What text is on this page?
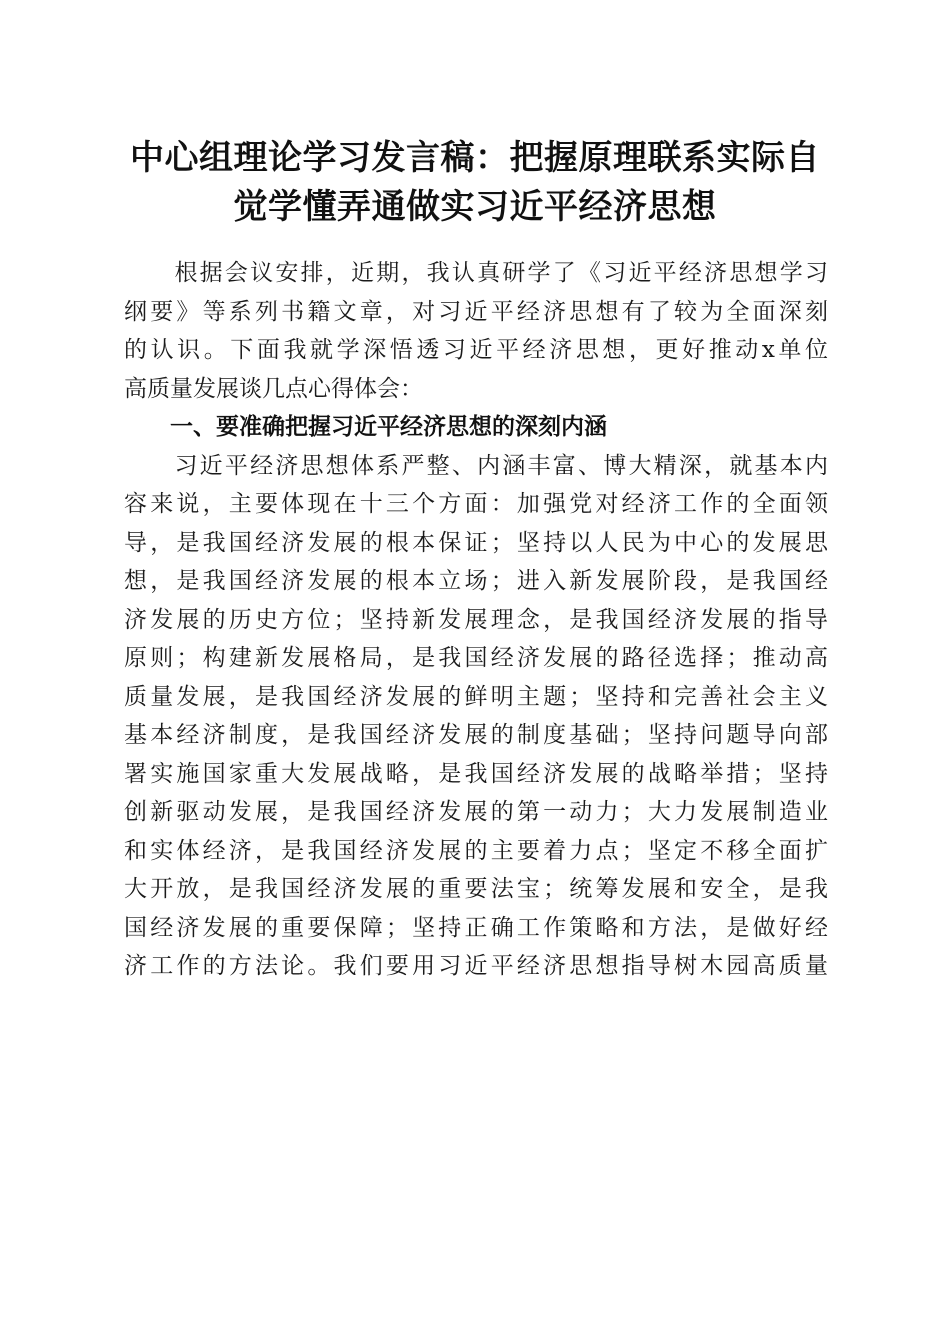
中心组理论学习发言稿：把握原理联系实际自
觉学懂弄通做实习近平经济思想
　　根据会议安排，近期，我认真研学了《习近平经济思想学习
纲要》等系列书籍文章，对习近平经济思想有了较为全面深刻
的认识。下面我就学深悟透习近平经济思想，更好推动x单位
高质量发展谈几点心得体会：
　　一、要准确把握习近平经济思想的深刻内涵
　　习近平经济思想体系严整、内涵丰富、博大精深，就基本内
容来说，主要体现在十三个方面：加强党对经济工作的全面领
导，是我国经济发展的根本保证；坚持以人民为中心的发展思
想，是我国经济发展的根本立场；进入新发展阶段，是我国经
济发展的历史方位；坚持新发展理念，是我国经济发展的指导
原则；构建新发展格局，是我国经济发展的路径选择；推动高
质量发展，是我国经济发展的鲜明主题；坚持和完善社会主义
基本经济制度，是我国经济发展的制度基础；坚持问题导向部
署实施国家重大发展战略，是我国经济发展的战略举措；坚持
创新驱动发展，是我国经济发展的第一动力；大力发展制造业
和实体经济，是我国经济发展的主要着力点；坚定不移全面扩
大开放，是我国经济发展的重要法宝；统筹发展和安全，是我
国经济发展的重要保障；坚持正确工作策略和方法，是做好经
济工作的方法论。我们要用习近平经济思想指导树木园高质量
